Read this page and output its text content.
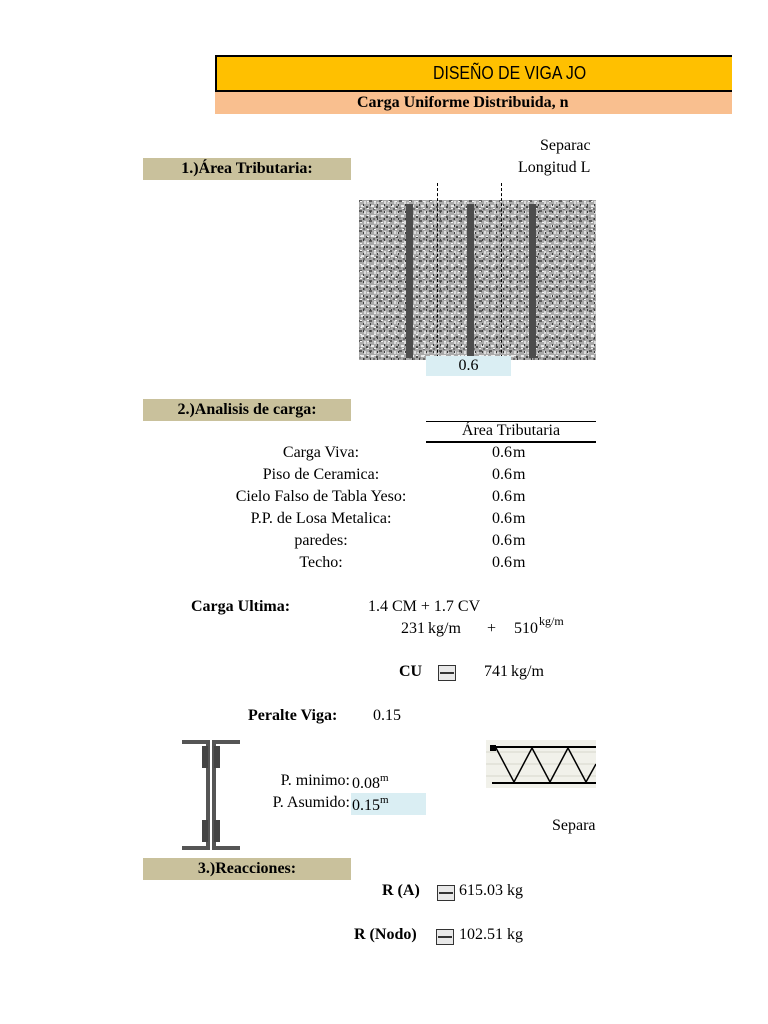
DISEÑO DE VIGA JO
Carga Uniforme Distribuida, n
Separac
Longitud L
1.)Área Tributaria:
0.6
2.)Analisis de carga:
Área Tributaria
Carga Viva:	0.6 m
Piso de Ceramica:	0.6 m
Cielo Falso de Tabla Yeso:	0.6 m
P.P. de Losa Metalica:	0.6 m
paredes:	0.6 m
Techo:	0.6 m
Carga Ultima:	1.4 CM + 1.7 CV
231 kg/m +	510 kg/m
CU	741 kg/m
Peralte Viga: 0.15
P. minimo: 0.08$^m$
P. Asumido: 0.15$^m$
Separa
3.)Reacciones:
R (A) 615.03 kg
R (Nodo)	102.51 kg
